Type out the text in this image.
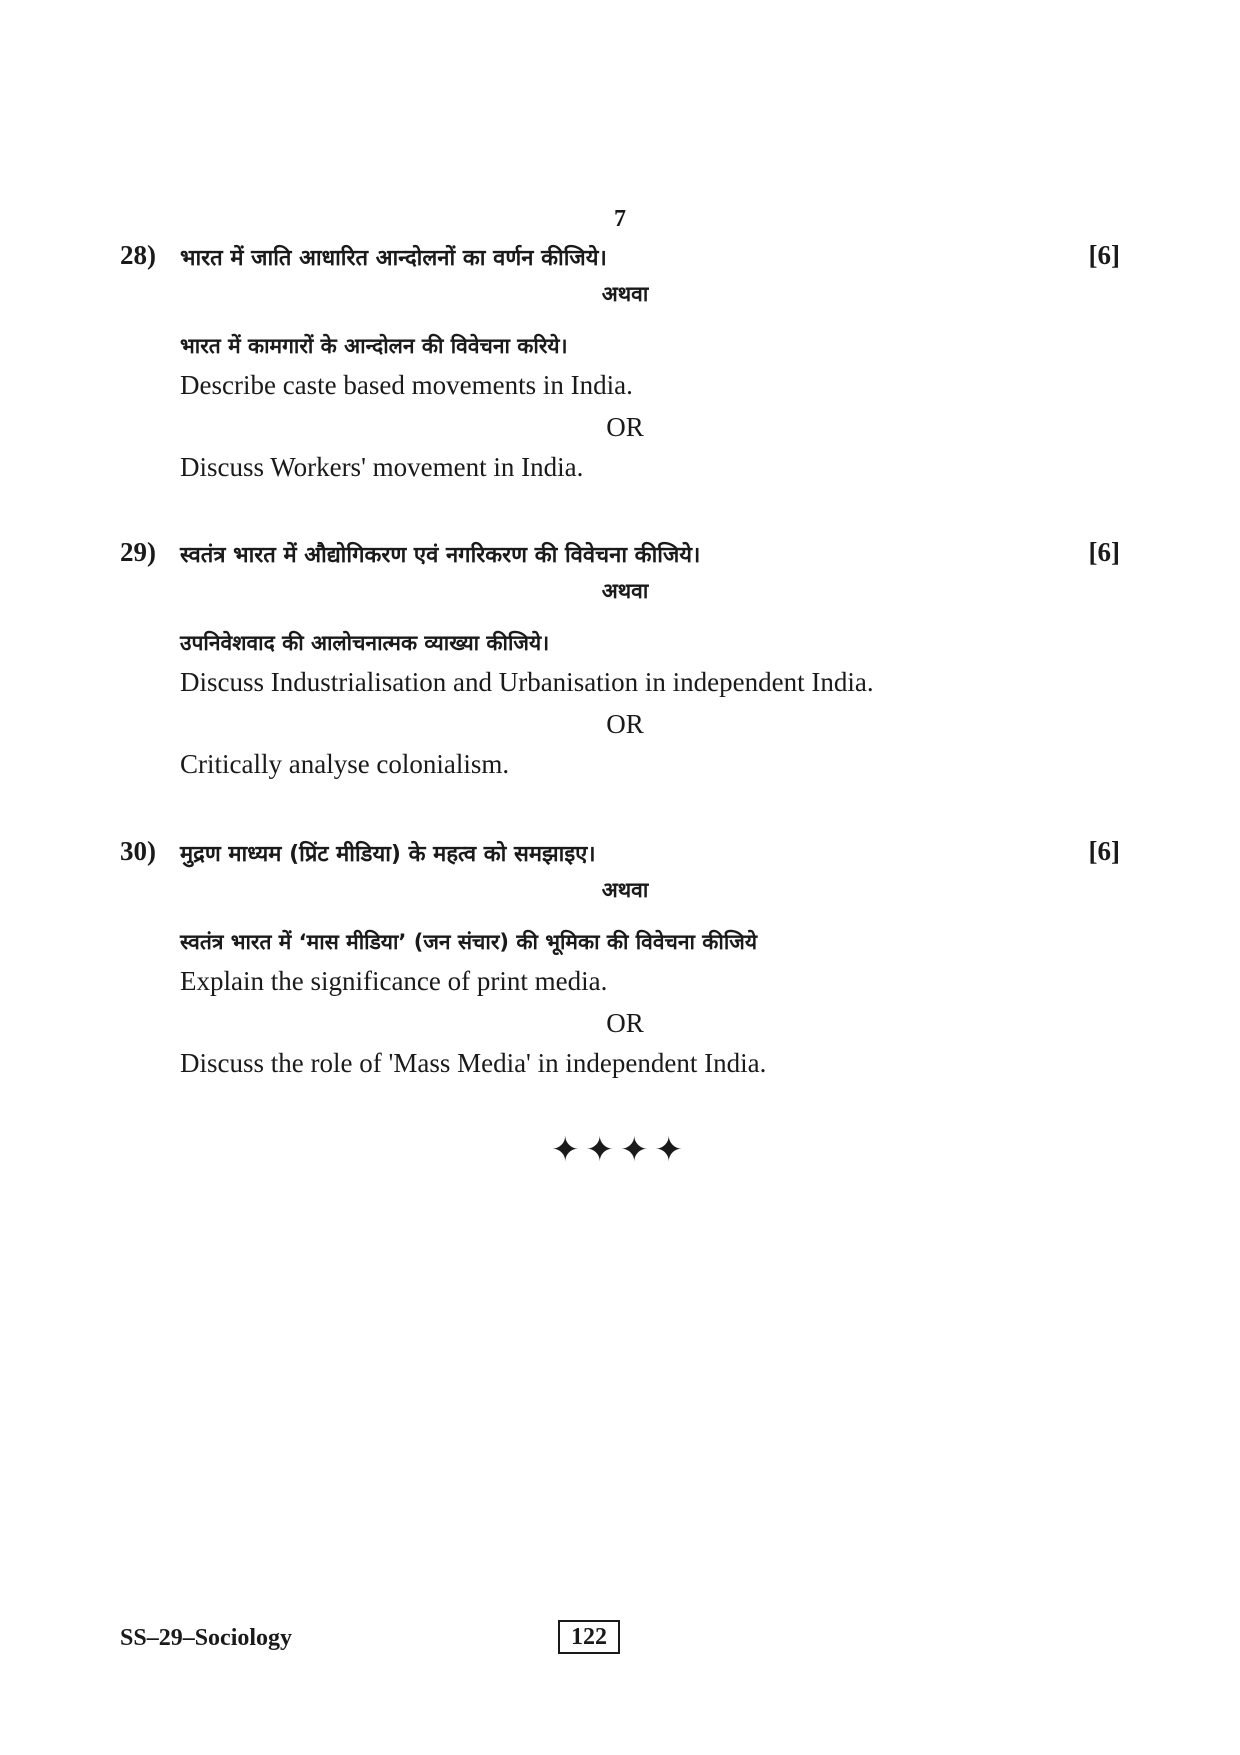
7
28) भारत में जाति आधारित आन्दोलनों का वर्णन कीजिये।	[6]
अथवा
भारत में कामगारों के आन्दोलन की विवेचना करिये।
Describe caste based movements in India.
OR
Discuss Workers' movement in India.
29) स्वतंत्र भारत में औद्योगिकरण एवं नगरिकरण की विवेचना कीजिये।	[6]
अथवा
उपनिवेशवाद की आलोचनात्मक व्याख्या कीजिये।
Discuss Industrialisation and Urbanisation in independent India.
OR
Critically analyse colonialism.
30) मुद्रण माध्यम (प्रिंट मीडिया) के महत्व को समझाइए।	[6]
अथवा
स्वतंत्र भारत में ‘मास मीडिया’ (जन संचार) की भूमिका की विवेचना कीजिये
Explain the significance of print media.
OR
Discuss the role of 'Mass Media' in independent India.
✦✦✦✦
SS–29–Sociology	122
